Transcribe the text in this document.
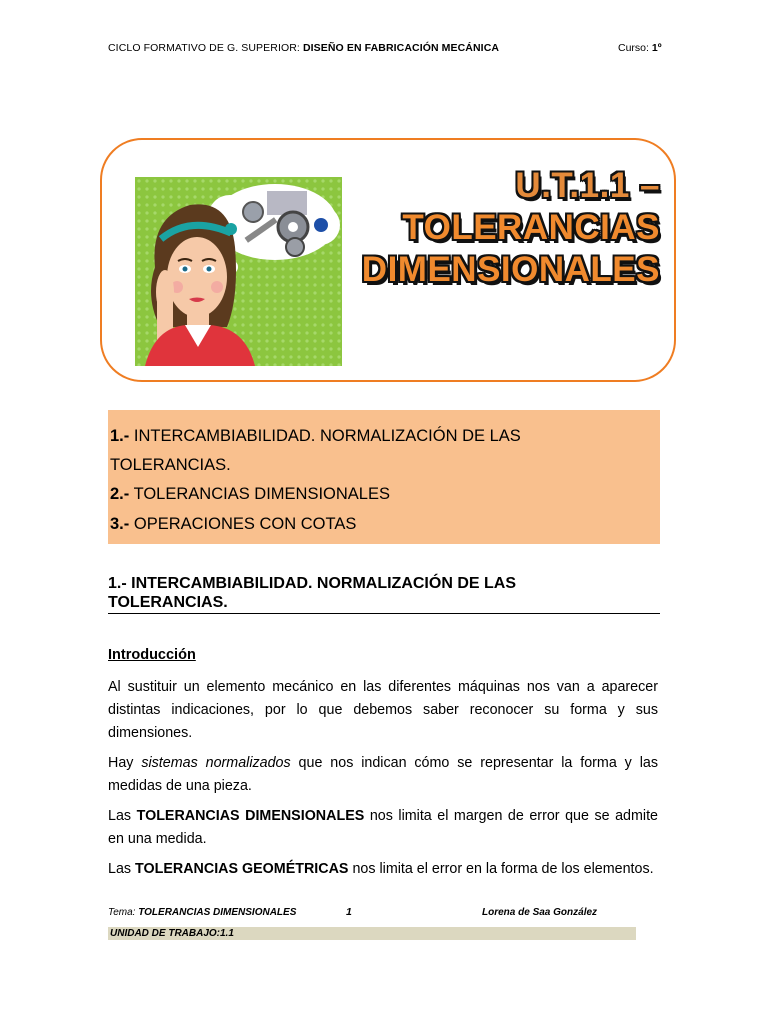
CICLO FORMATIVO DE G. SUPERIOR: DISEÑO EN FABRICACIÓN MECÁNICA	Curso: 1º
U.T.1.1 –
TOLERANCIAS
DIMENSIONALES
1.- INTERCAMBIABILIDAD. NORMALIZACIÓN DE LAS
TOLERANCIAS.
2.- TOLERANCIAS DIMENSIONALES
3.- OPERACIONES CON COTAS
1.- INTERCAMBIABILIDAD. NORMALIZACIÓN DE LAS
TOLERANCIAS.
Introducción
Al sustituir un elemento mecánico en las diferentes máquinas nos van a aparecer
distintas indicaciones, por lo que debemos saber reconocer su forma y sus
dimensiones.
Hay sistemas normalizados que nos indican cómo se representar la forma y las
medidas de una pieza.
Las TOLERANCIAS DIMENSIONALES nos limita el margen de error que se admite
en una medida.
Las TOLERANCIAS GEOMÉTRICAS nos limita el error en la forma de los elementos.
Tema: TOLERANCIAS DIMENSIONALES	1	Lorena de Saa González
UNIDAD DE TRABAJO:1.1
